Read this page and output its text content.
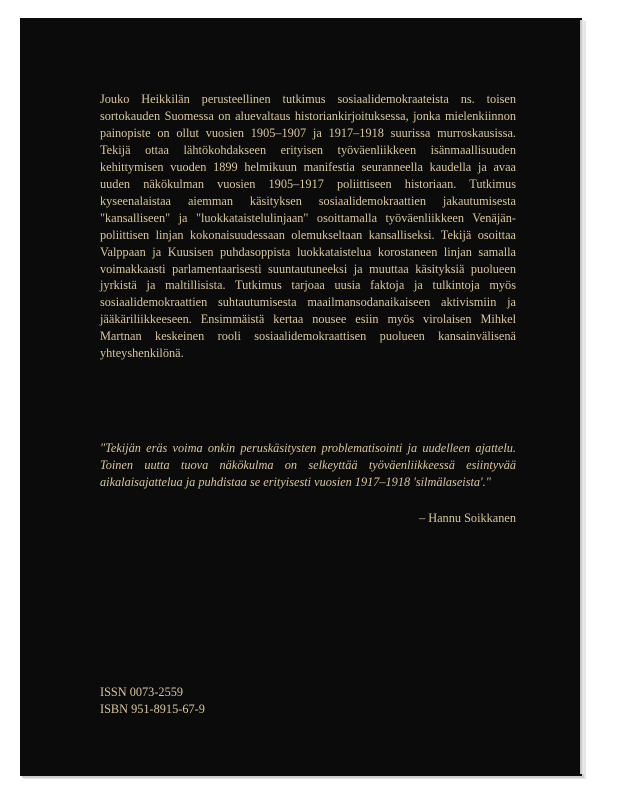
Jouko Heikkilän perusteellinen tutkimus sosiaalidemokraateista ns. toisen sortokauden Suomessa on aluevaltaus historiankirjoituksessa, jonka mielenkiinnon painopiste on ollut vuosien 1905–1907 ja 1917–1918 suurissa murroskausissa. Tekijä ottaa lähtökohdakseen erityisen työväenliikkeen isänmaallisuuden kehittymisen vuoden 1899 helmikuun manifestia seuranneella kaudella ja avaa uuden näkökulman vuosien 1905–1917 poliittiseen historiaan. Tutkimus kyseenalaistaa aiemman käsityksen sosiaalidemokraattien jakautumisesta "kansalliseen" ja "luokkataistelulinjaan" osoittamalla työväenliikkeen Venäjän-poliittisen linjan kokonaisuudessaan olemukseltaan kansalliseksi. Tekijä osoittaa Valppaan ja Kuusisen puhdasoppista luokkataistelua korostaneen linjan samalla voimakkaasti parlamentaarisesti suuntautuneeksi ja muuttaa käsityksiä puolueen jyrkistä ja maltillisista. Tutkimus tarjoaa uusia faktoja ja tulkintoja myös sosiaalidemokraattien suhtautumisesta maailmansodanaikaiseen aktivismiin ja jääkäriliikkeeseen. Ensimmäistä kertaa nousee esiin myös virolaisen Mihkel Martnan keskeinen rooli sosiaalidemokraattisen puolueen kansainvälisenä yhteyshenkilönä.

"Tekijän eräs voima onkin peruskäsitysten problematisointi ja uudelleen ajattelu. Toinen uutta tuova näkökulma on selkeyttää työväenliikkeessä esiintyvää aikalaisajattelua ja puhdistaa se erityisesti vuosien 1917–1918 'silmälaseista'."

– Hannu Soikkanen

ISSN 0073-2559
ISBN 951-8915-67-9
